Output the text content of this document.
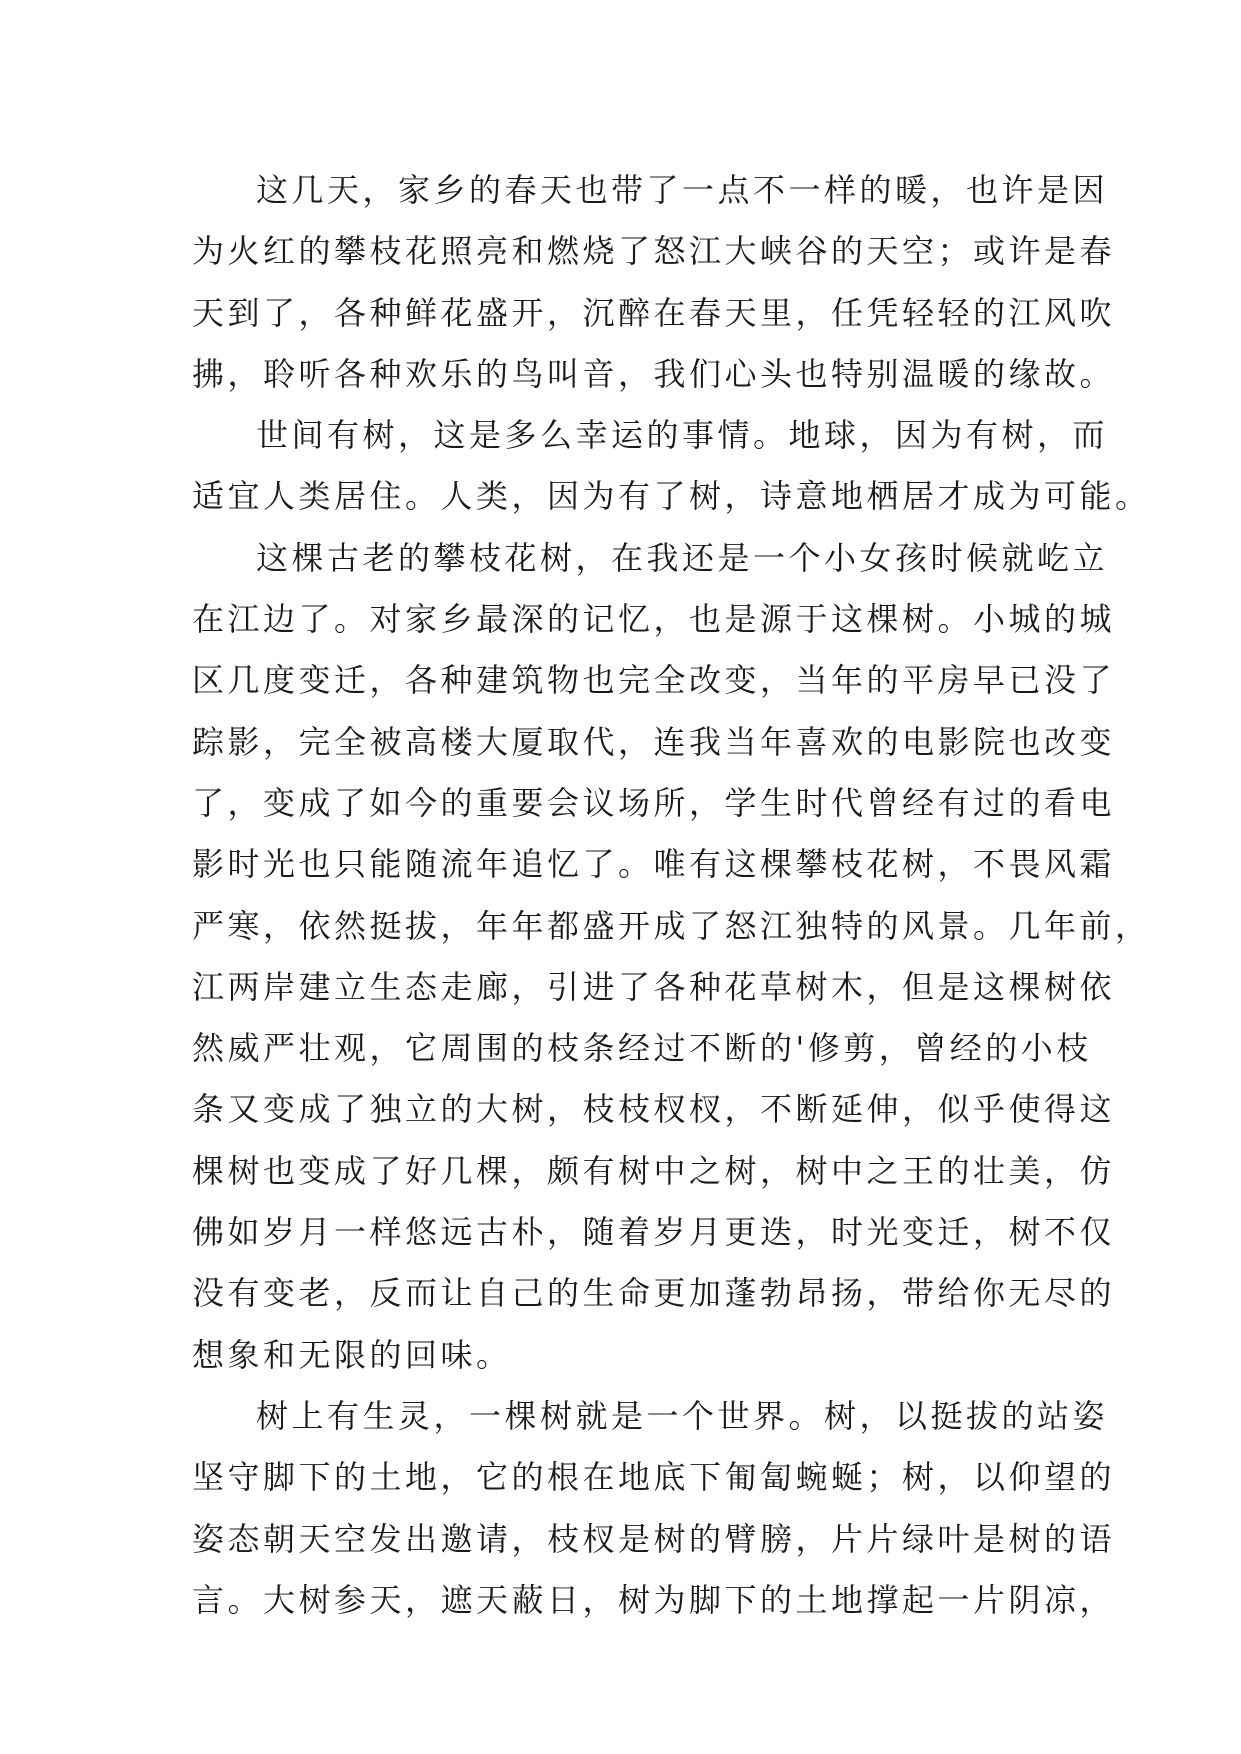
这几天，家乡的春天也带了一点不一样的暖，也许是因
为火红的攀枝花照亮和燃烧了怒江大峡谷的天空；或许是春
天到了，各种鲜花盛开，沉醉在春天里，任凭轻轻的江风吹
拂，聆听各种欢乐的鸟叫音，我们心头也特别温暖的缘故。
世间有树，这是多么幸运的事情。地球，因为有树，而
适宜人类居住。人类，因为有了树，诗意地栖居才成为可能。
这棵古老的攀枝花树，在我还是一个小女孩时候就屹立
在江边了。对家乡最深的记忆，也是源于这棵树。小城的城
区几度变迁，各种建筑物也完全改变，当年的平房早已没了
踪影，完全被高楼大厦取代，连我当年喜欢的电影院也改变
了，变成了如今的重要会议场所，学生时代曾经有过的看电
影时光也只能随流年追忆了。唯有这棵攀枝花树，不畏风霜
严寒，依然挺拔，年年都盛开成了怒江独特的风景。几年前，
江两岸建立生态走廊，引进了各种花草树木，但是这棵树依
然威严壮观，它周围的枝条经过不断的'修剪，曾经的小枝
条又变成了独立的大树，枝枝杈杈，不断延伸，似乎使得这
棵树也变成了好几棵，颇有树中之树，树中之王的壮美，仿
佛如岁月一样悠远古朴，随着岁月更迭，时光变迁，树不仅
没有变老，反而让自己的生命更加蓬勃昂扬，带给你无尽的
想象和无限的回味。
树上有生灵，一棵树就是一个世界。树，以挺拔的站姿
坚守脚下的土地，它的根在地底下匍匐蜿蜒；树，以仰望的
姿态朝天空发出邀请，枝杈是树的臂膀，片片绿叶是树的语
言。大树参天，遮天蔽日，树为脚下的土地撑起一片阴凉，
